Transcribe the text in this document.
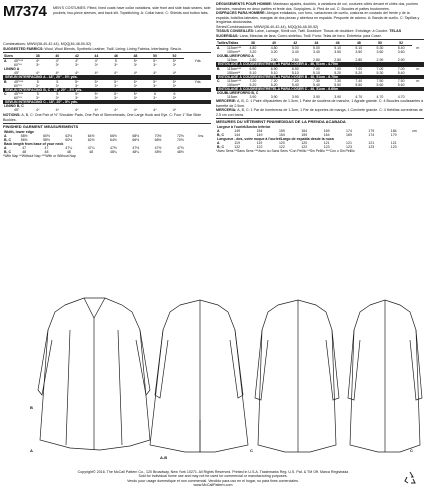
M7374 MEN'S COSTUMES: Fitted, lined coats have collar variations, side front and side back seams, side pockets, two-piece sleeves, and back slit. Topstitching. A: Collar band. C: Shields and button tabs.
Combinations: MWW(38-40-42-44), MQQ(46-48-50-52)
SUGGESTED FABRICS: Wool, Wool Blends, Synthetic Leather, Twill. Lining: Lining Fabrics. Interfacing: Sew-in.
Sizes		38	40	42	44	46	48	50	52	
A	45"***	4⁶	4⁷	4⁷	4⁷	5	5⁴	5⁴	5⁶	Yds
	60"**	3⁶	3⁶	3⁶	3⁶	3⁶	3⁶	3⁶	3⁶	
LINING A										
	45"	4⁸	4⁸	4⁸	4⁸	4⁸	4⁸	4⁸	4⁸	
SEW-IN INTERFACING A - 18", 20" - 5½ yds.										
B	45"***	5	5	5⁴	5⁴	5⁴	5⁴	5⁶	5⁶	Yds
	60"**	3⁴	3⁴	3⁴	3⁴	3⁴	3⁴	3⁴	3⁴	
SEW-IN INTERFACING B, C - 18", 20" - 5½ yds.										
C	45"***	5	5	5⁴	5⁴	5⁴	5⁴	6	6	
	60"**	3⁴	3⁴	3⁴	3⁴	3⁴	3⁴	3⁴	3⁴	
SEW-IN INTERFACING C - 18", 20" - 5½ yds.										
LINING B, C										
	45"	4⁴	4⁴	4⁴	4⁴	4⁴	4⁴	4⁴	4⁴	
NOTIONS: A, B, C: One Pair of ½" Shoulder Pads, One Pair of Sleeveheads, One Large Hook and Eye. C: Four 1" Bar Slide Buckles.
FINISHED GARMENT MEASUREMENTS
Width, lower edge									
A	58½	60½	62½	64½	66½	68½	70½	72½	Ins.
B, C	56½	58½	60½	62½	64½	66½	68½	70½	
Back length from base of your neck									
A	47	47	47¼	47¼	47½	47½	47½	47½	
B, C	48	48	48	48	48¼	48¼	48½	48½	
*With Nap **Without Nap ***With or Without Nap
DÉGUISEMENTS POUR HOMME: Manteaux ajustés, doublés, à variations de col, coutures côtés devant et côtés dos, poches latérales, manches en deux parties et fente dos. Surpiqûres. A: Pied de col. C: Boucles et pattes boutonnées.
DISFRACES PARA HOMBRE: Abrigos entallados, con forro, variaciones de cuello, costuras en costado del frente y de la espalda, bolsillos laterales, mangas de dos piezas y abertura en espalda. Pespunte de adorno. A: Banda de cuello. C: Tapillas y lengüetas abotonadas.
Séries/Combinaciones: MWW(38-40-42-44), MQQ(46-48-50-52)
TISSUS CONSEILLÉS: Laine, Lainage, Simili cuir, Twill. Doublure: Tissus de doublure. Entoilage: à Coudre. TELAS SUGERIDAS: Lana, Mezclas de lana, Cuero sintético, Twill. Forro: Telas de forro. Entretela: para Coser.
Tailles/Tallas		38	40	42	44	46	48	50	52	
A	115cm***	4.80	4.80	5.00	5.00	5.10	5.10	5.30	5.40	m
	150cm**	3.20	3.20	3.40	3.40	3.50	3.50	3.60	3.60	
DOUBLURE/FORRO A										
	115cm	2.80	2.80	2.80	2.80	2.80	2.80	2.90	2.90	
ENTOILAGE À COUDRE/ENTRETELA PARA COSER A - 46, 51cm - 4.70m										
B	115cm***	6.90	6.90	6.90	7.00	7.00	7.00	7.00	7.00	m
	150cm**	5.10	5.10	5.10	5.10	5.20	5.20	5.30	5.40	
ENTOILAGE À COUDRE/ENTRETELA PARA COSER B - 46, 51cm - 6.70m										
C	115cm***	7.20	7.20	7.20	7.30	7.30	7.40	7.50	7.50	m
	150cm**	5.20	5.20	5.40	5.40	5.50	5.50	5.60	5.60	
ENTOILAGE À COUDRE/ENTRETELA PARA COSER C - 46, 51cm - 6.60m										
DOUBLURE/FORRO B, C										
	115cm	3.90	3.90	3.90	3.90	3.90	4.70	4.70	4.70	
MERCERIE: A, B, C: 1 Paire d'épaulettes de 1.3cm, 1 Paire de soutiens de manche, 1 Agrafe grande. C: 4 Boucles coulissantes à barrette de 2.5cm.
MERCERÍA: A, B, C: 1 Par de hombreras de 1.3cm, 1 Par de soportes de manga, 1 Corchete grande. C: 4 Hebillas correderas de 2.5 cm con barra.
MESURES DU VÊTEMENT FINI/MEDIDAS DE LA PRENDA ACABADA
Largeur à l'ourlet/Ancho inferior									
A	149	154	159	164	169	174	179	184	cm
B, C	144	149	154	159	164	169	174	179	
Longueur - dos, votre nuque à l'ourlet/Largo de espalda desde la nuca									
A	119	119	120	120	121	121	121	121	
B, C	122	122	122	122	123	123	123	123	
*Avec Sens **Sans Sens ***Avec ou Sans Sens *Con Pelillo **Sin Pelillo ***Con o Sin Pelillo
A
B
A-B
C	C
Copyright© 2016, The McCall Pattern Co., 120 Broadway, New York 10271. All Rights Reserved. Printed in U.S.A. Trademarks Reg. U.S. Pat. & TM Off. Marca Registrada
Sold for individual home use and may not be used for commercial or manufacturing purposes.
Vendu pour usage domestique et non commercial. Vendido para uso en el hogar, no para fines comerciales.
www.McCallPattern.com
